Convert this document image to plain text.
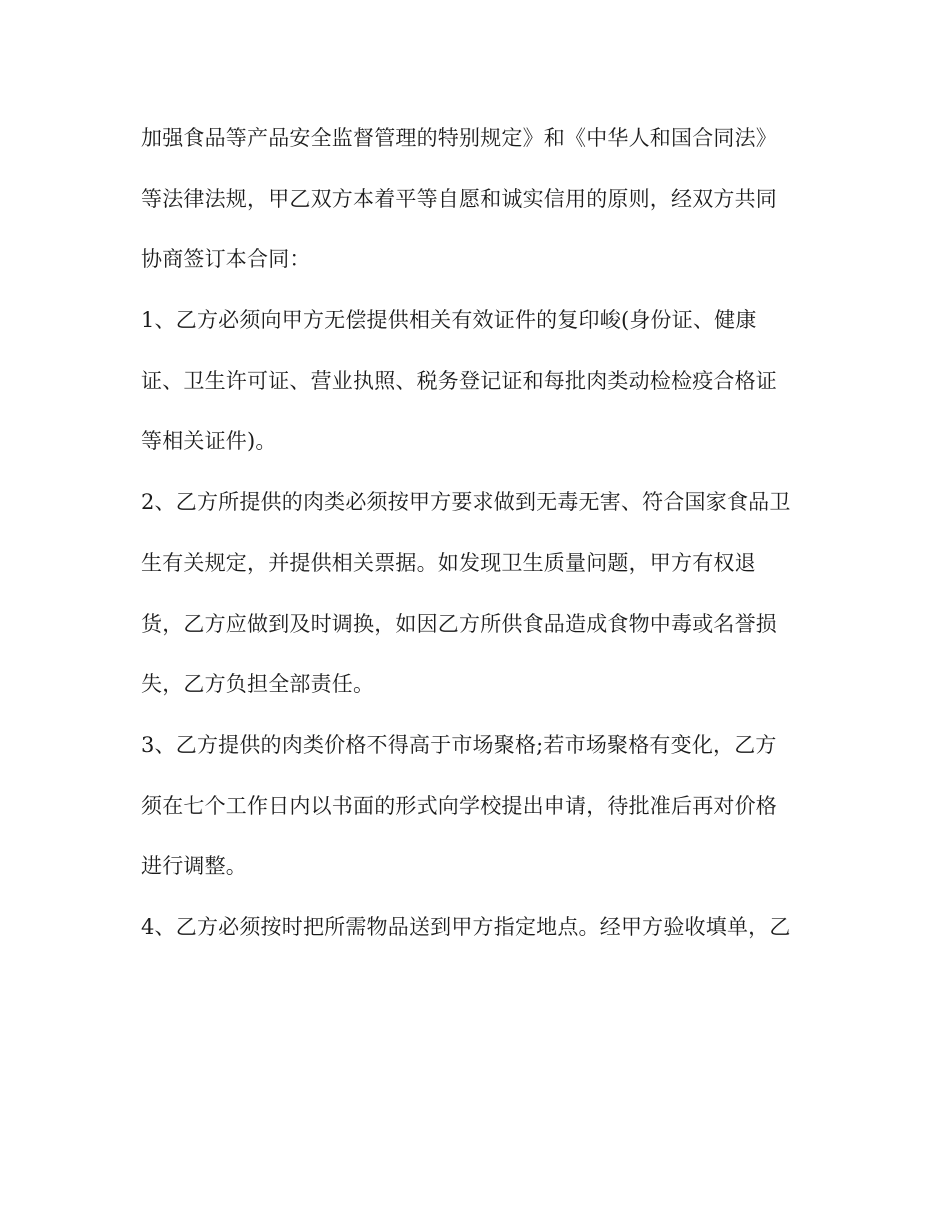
加强食品等产品安全监督管理的特别规定》和《中华人和国合同法》
等法律法规，甲乙双方本着平等自愿和诚实信用的原则，经双方共同
协商签订本合同：
1、乙方必须向甲方无偿提供相关有效证件的复印峻(身份证、健康
证、卫生许可证、营业执照、税务登记证和每批肉类动检检疫合格证
等相关证件)。
2、乙方所提供的肉类必须按甲方要求做到无毒无害、符合国家食品卫
生有关规定，并提供相关票据。如发现卫生质量问题，甲方有权退
货，乙方应做到及时调换，如因乙方所供食品造成食物中毒或名誉损
失，乙方负担全部责任。
3、乙方提供的肉类价格不得高于市场聚格;若市场聚格有变化，乙方
须在七个工作日内以书面的形式向学校提出申请，待批准后再对价格
进行调整。
4、乙方必须按时把所需物品送到甲方指定地点。经甲方验收填单，乙
